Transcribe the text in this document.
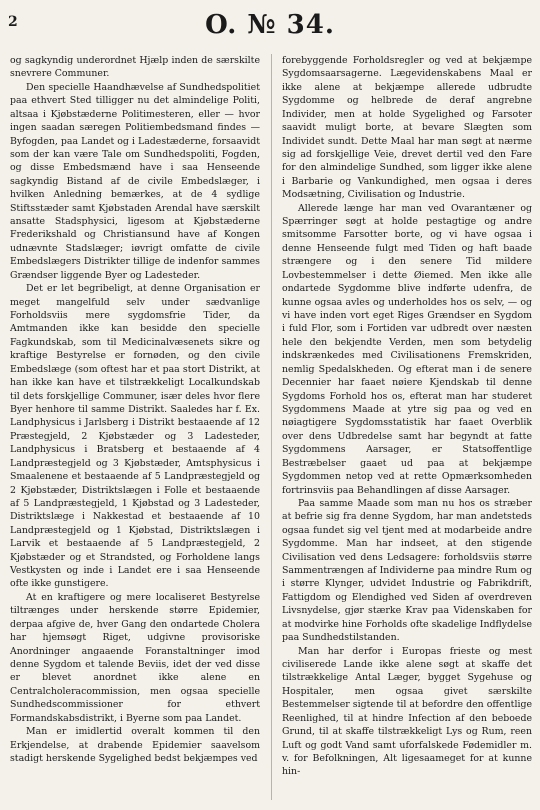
2	O. № 34.

og sagkyndig underordnet Hjælp inden de særskilte snevrere Communer.

Den specielle Haandhævelse af Sundhedspolitiet paa ethvert Sted tilligger nu det almindelige Politi, altsaa i Kjøbstæderne Politimesteren, eller — hvor ingen saadan særegen Politiembedsmand findes — Byfogden, paa Landet og i Ladestæderne, forsaavidt som der kan være Tale om Sundhedspoliti, Fogden, og disse Embedsmænd have i saa Henseende sagkyndig Bistand af de civile Embedslæger, i hvilken Anledning bemærkes, at de 4 sydlige Stiftsstæder samt Kjøbstaden Arendal have særskilt ansatte Stadsphysici, ligesom at Kjøbstæderne Frederikshald og Christiansund have af Kongen udnævnte Stadslæger; iøvrigt omfatte de civile Embedslægers Distrikter tillige de indenfor sammes Grændser liggende Byer og Ladesteder.

Det er let begribeligt, at denne Organisation er meget mangelfuld selv under sædvanlige Forholdsviis mere sygdomsfrie Tider, da Amtmanden ikke kan besidde den specielle Fagkundskab, som til Medicinalvæsenets sikre og kraftige Bestyrelse er fornøden, og den civile Embedslæge (som oftest har et paa stort Distrikt, at han ikke kan have et tilstrækkeligt Localkundskab til dets forskjellige Communer, især deles hvor flere Byer henhore til samme Distrikt. Saaledes har f. Ex. Landphysicus i Jarlsberg i Distrikt bestaaende af 12 Præstegjeld, 2 Kjøbstæder og 3 Ladesteder, Landphysicus i Bratsberg et bestaaende af 4 Landpræstegjeld og 3 Kjøbstæder, Amtsphysicus i Smaalenene et bestaaende af 5 Landpræstegjeld og 2 Kjøbstæder, Distriktslægen i Folle et bestaaende af 5 Landpræstegjeld, 1 Kjøbstad og 3 Ladesteder, Distriktslæge i Nakkestad et bestaaende af 10 Landpræstegjeld og 1 Kjøbstad, Distriktslægen i Larvik et bestaaende af 5 Landpræstegjeld, 2 Kjøbstæder og et Strandsted, og Forholdene langs Vestkysten og inde i Landet ere i saa Henseende ofte ikke gunstigere.

At en kraftigere og mere localiseret Bestyrelse tiltrænges under herskende større Epidemier, derpaa afgive de, hver Gang den ondartede Cholera har hjemsøgt Riget, udgivne provisoriske Anordninger angaaende Foranstaltninger imod denne Sygdom et talende Beviis, idet der ved disse er blevet anordnet ikke alene en Centralcholeracommission, men ogsaa specielle Sundhedscommissioner for ethvert Formandskabsdistrikt, i Byerne som paa Landet.

Man er imidlertid overalt kommen til den Erkjendelse, at drabende Epidemier saavelsom stadigt herskende Sygelighed bedst bekjæmpes ved

forebyggende Forholdsregler og ved at bekjæmpe Sygdomsaarsagerne. Lægevidenskabens Maal er ikke alene at bekjæmpe allerede udbrudte Sygdomme og helbrede de deraf angrebne Individer, men at holde Sygelighed og Farsoter saavidt muligt borte, at bevare Slægten som Individet sundt. Dette Maal har man søgt at nærme sig ad forskjellige Veie, drevet dertil ved den Fare for den almindelige Sundhed, som ligger ikke alene i Barbarie og Vankundighed, men ogsaa i deres Modsætning, Civilisation og Industrie.

Allerede længe har man ved Ovarantæner og Spærringer søgt at holde pestagtige og andre smitsomme Farsotter borte, og vi have ogsaa i denne Henseende fulgt med Tiden og haft baade strængere og i den senere Tid mildere Lovbestemmelser i dette Øiemed. Men ikke alle ondartede Sygdomme blive indførte udenfra, de kunne ogsaa avles og underholdes hos os selv, — og vi have inden vort eget Riges Grændser en Sygdom i fuld Flor, som i Fortiden var udbredt over næsten hele den bekjendte Verden, men som betydelig indskrænkedes med Civilisationens Fremskriden, nemlig Spedalskheden. Og efterat man i de senere Decennier har faaet nøiere Kjendskab til denne Sygdoms Forhold hos os, efterat man har studeret Sygdommens Maade at ytre sig paa og ved en nøiagtigere Sygdomsstatistik har faaet Overblik over dens Udbredelse samt har begyndt at fatte Sygdommens Aarsager, er Statsoffentlige Bestræbelser gaaet ud paa at bekjæmpe Sygdommen netop ved at rette Opmærksomheden fortrinsviis paa Behandlingen af disse Aarsager.

Paa samme Maade som man nu hos os stræber at befrie sig fra denne Sygdom, har man andetsteds ogsaa fundet sig vel tjent med at modarbeide andre Sygdomme. Man har indseet, at den stigende Civilisation ved dens Ledsagere: forholdsviis større Sammentrængen af Individerne paa mindre Rum og i større Klynger, udvidet Industrie og Fabrikdrift, Fattigdom og Elendighed ved Siden af overdreven Livsnydelse, gjør stærke Krav paa Videnskaben for at modvirke hine Forholds ofte skadelige Indflydelse paa Sundhedstilstanden.

Man har derfor i Europas frieste og mest civiliserede Lande ikke alene søgt at skaffe det tilstrækkelige Antal Læger, bygget Sygehuse og Hospitaler, men ogsaa givet særskilte Bestemmelser sigtende til at befordre den offentlige Reenlighed, til at hindre Infection af den beboede Grund, til at skaffe tilstrækkeligt Lys og Rum, reen Luft og godt Vand samt uforfalskede Fødemidler m. v. for Befolkningen, Alt ligesaameget for at kunne hin-
